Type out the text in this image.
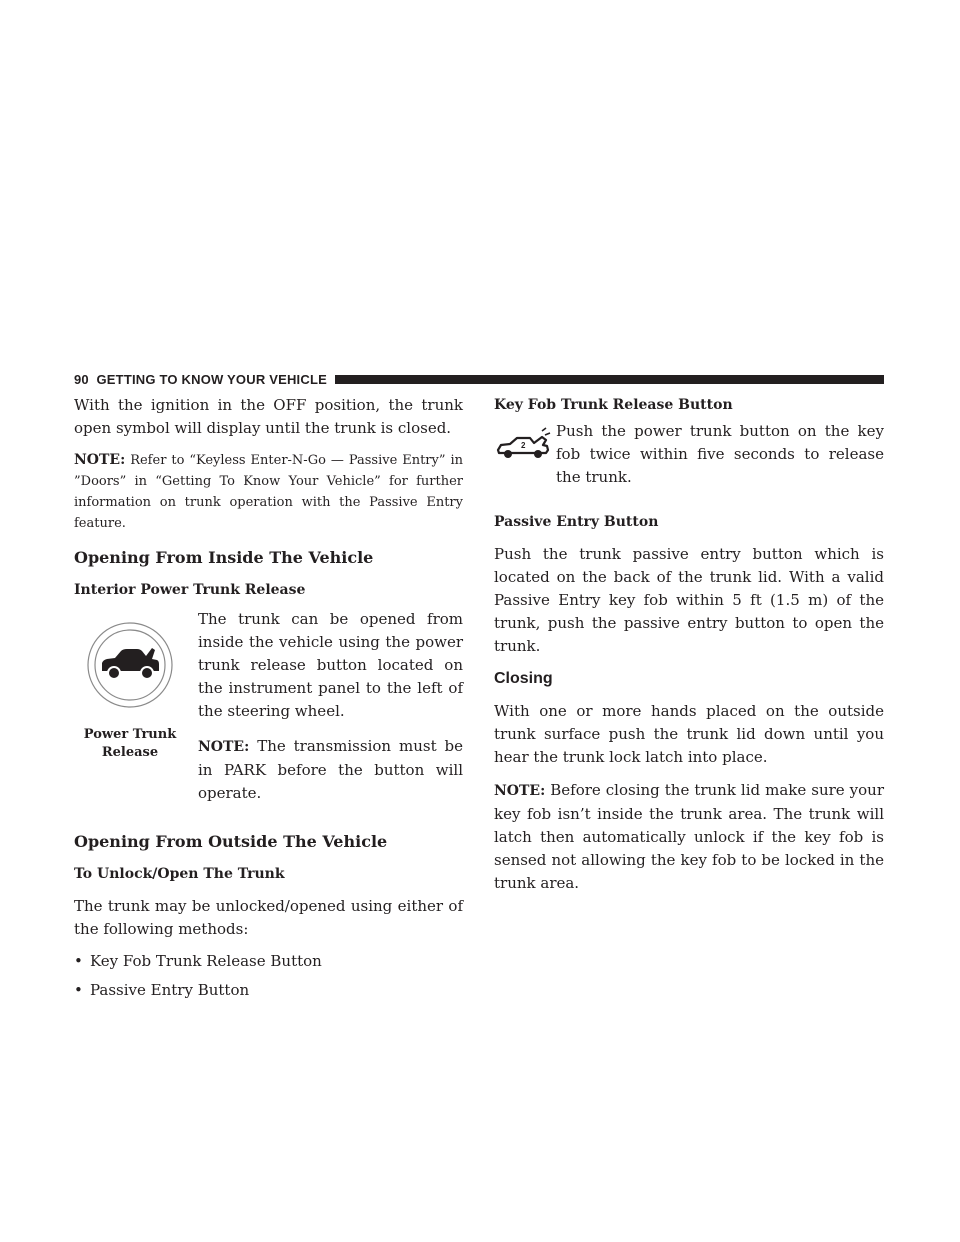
90 GETTING TO KNOW YOUR VEHICLE

With the ignition in the OFF position, the trunk open symbol will display until the trunk is closed.

NOTE: Refer to “Keyless Enter-N-Go — Passive Entry” in ”Doors” in “Getting To Know Your Vehicle” for further information on trunk operation with the Passive Entry feature.

Opening From Inside The Vehicle
Interior Power Trunk Release
Power Trunk Release

The trunk can be opened from inside the vehicle using the power trunk release button located on the instrument panel to the left of the steering wheel.

NOTE: The transmission must be in PARK before the button will operate.

Opening From Outside The Vehicle
To Unlock/Open The Trunk

The trunk may be unlocked/opened using either of the following methods:

• Key Fob Trunk Release Button
• Passive Entry Button
Key Fob Trunk Release Button
2

Push the power trunk button on the key fob twice within five seconds to release the trunk.

Passive Entry Button

Push the trunk passive entry button which is located on the back of the trunk lid. With a valid Passive Entry key fob within 5 ft (1.5 m) of the trunk, push the passive entry button to open the trunk.

Closing

With one or more hands placed on the outside trunk surface push the trunk lid down until you hear the trunk lock latch into place.

NOTE: Before closing the trunk lid make sure your key fob isn’t inside the trunk area. The trunk will latch then automatically unlock if the key fob is sensed not allowing the key fob to be locked in the trunk area.
